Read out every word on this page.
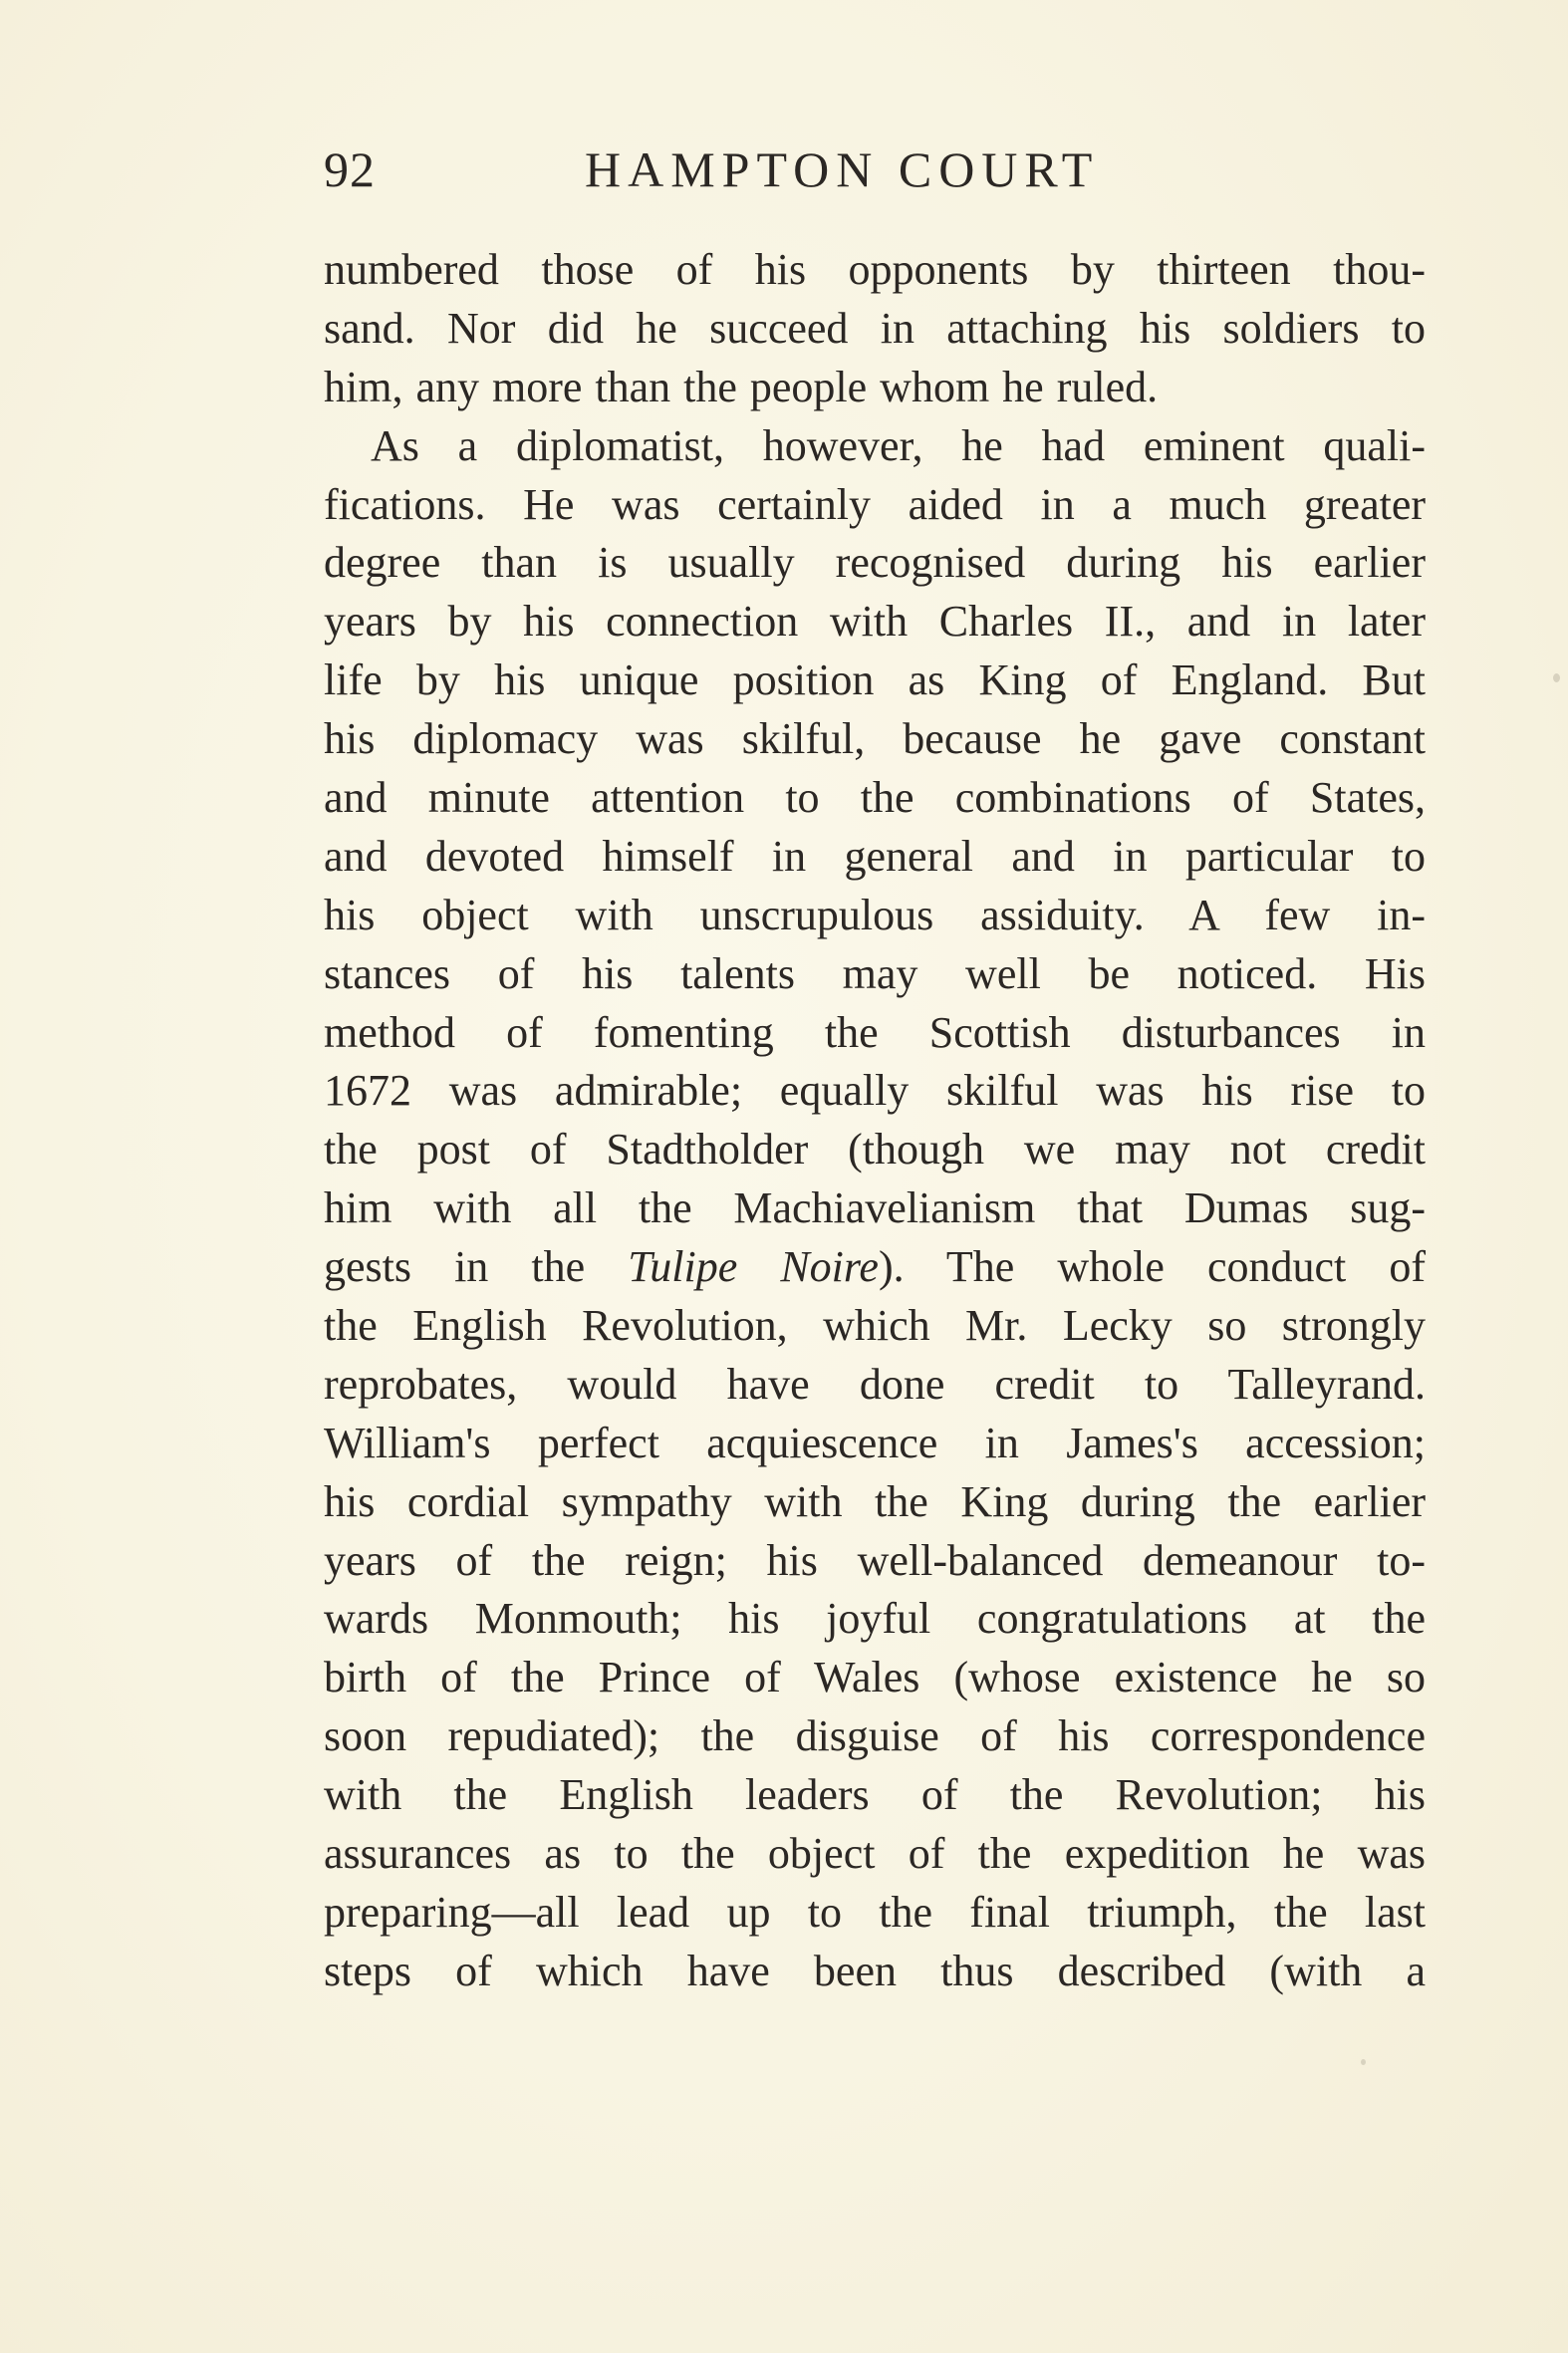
92	HAMPTON COURT
numbered those of his opponents by thirteen thou-
sand. Nor did he succeed in attaching his soldiers to
him, any more than the people whom he ruled.
As a diplomatist, however, he had eminent quali-
fications. He was certainly aided in a much greater
degree than is usually recognised during his earlier
years by his connection with Charles II., and in later
life by his unique position as King of England. But
his diplomacy was skilful, because he gave constant
and minute attention to the combinations of States,
and devoted himself in general and in particular to
his object with unscrupulous assiduity. A few in-
stances of his talents may well be noticed. His
method of fomenting the Scottish disturbances in
1672 was admirable; equally skilful was his rise to
the post of Stadtholder (though we may not credit
him with all the Machiavelianism that Dumas sug-
gests in the Tulipe Noire). The whole conduct of
the English Revolution, which Mr. Lecky so strongly
reprobates, would have done credit to Talleyrand.
William's perfect acquiescence in James's accession;
his cordial sympathy with the King during the earlier
years of the reign; his well-balanced demeanour to-
wards Monmouth; his joyful congratulations at the
birth of the Prince of Wales (whose existence he so
soon repudiated); the disguise of his correspondence
with the English leaders of the Revolution; his
assurances as to the object of the expedition he was
preparing—all lead up to the final triumph, the last
steps of which have been thus described (with a
